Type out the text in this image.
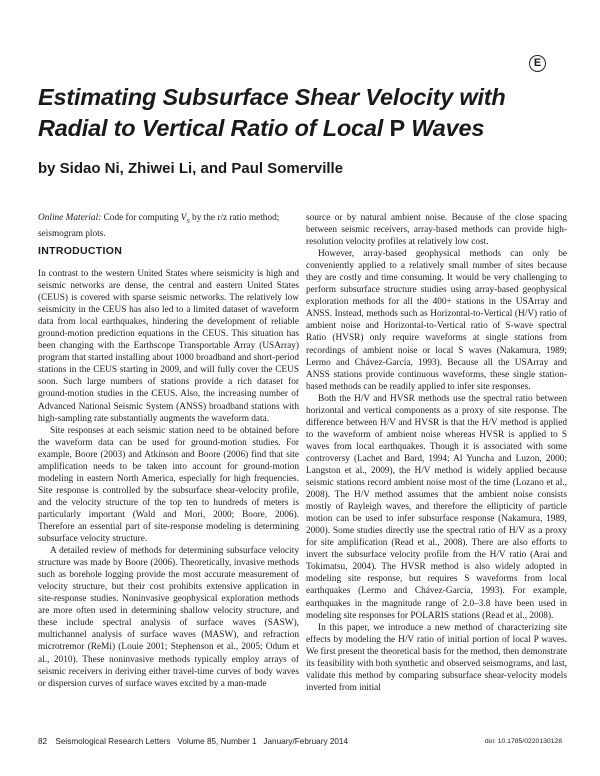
E
Estimating Subsurface Shear Velocity with
Radial to Vertical Ratio of Local P Waves
by Sidao Ni, Zhiwei Li, and Paul Somerville
Online Material: Code for computing $V_S$ by the r/z ratio method; seismogram plots.
INTRODUCTION

In contrast to the western United States where seismicity is high and seismic networks are dense, the central and eastern United States (CEUS) is covered with sparse seismic networks. The relatively low seismicity in the CEUS has also led to a limited dataset of waveform data from local earthquakes, hindering the development of reliable ground-motion prediction equations in the CEUS. This situation has been changing with the Earthscope Transportable Array (USArray) program that started installing about 1000 broadband and short-period stations in the CEUS starting in 2009, and will fully cover the CEUS soon. Such large numbers of stations provide a rich dataset for ground-motion studies in the CEUS. Also, the increasing number of Advanced National Seismic System (ANSS) broadband stations with high-sampling rate substantially augments the waveform data.

Site responses at each seismic station need to be obtained before the waveform data can be used for ground-motion studies. For example, Boore (2003) and Atkinson and Boore (2006) find that site amplification needs to be taken into account for ground-motion modeling in eastern North America, especially for high frequencies. Site response is controlled by the subsurface shear-velocity profile, and the velocity structure of the top ten to hundreds of meters is particularly important (Wald and Mori, 2000; Boore, 2006). Therefore an essential part of site-response modeling is determining subsurface velocity structure.

A detailed review of methods for determining subsurface velocity structure was made by Boore (2006). Theoretically, invasive methods such as borehole logging provide the most accurate measurement of velocity structure, but their cost prohibits extensive application in site-response studies. Noninvasive geophysical exploration methods are more often used in determining shallow velocity structure, and these include spectral analysis of surface waves (SASW), multichannel analysis of surface waves (MASW), and refraction microtremor (ReMi) (Louie 2001; Stephenson et al., 2005; Odum et al., 2010). These noninvasive methods typically employ arrays of seismic receivers in deriving either travel-time curves of body waves or dispersion curves of surface waves excited by a man-made

source or by natural ambient noise. Because of the close spacing between seismic receivers, array-based methods can provide high-resolution velocity profiles at relatively low cost.

However, array-based geophysical methods can only be conveniently applied to a relatively small number of sites because they are costly and time consuming. It would be very challenging to perform subsurface structure studies using array-based geophysical exploration methods for all the 400+ stations in the USArray and ANSS. Instead, methods such as Horizontal-to-Vertical (H/V) ratio of ambient noise and Horizontal-to-Vertical ratio of S-wave spectral Ratio (HVSR) only require waveforms at single stations from recordings of ambient noise or local S waves (Nakamura, 1989; Lermo and Chávez-García, 1993). Because all the USArray and ANSS stations provide continuous waveforms, these single station-based methods can be readily applied to infer site responses.

Both the H/V and HVSR methods use the spectral ratio between horizontal and vertical components as a proxy of site response. The difference between H/V and HVSR is that the H/V method is applied to the waveform of ambient noise whereas HVSR is applied to S waves from local earthquakes. Though it is associated with some controversy (Lachet and Bard, 1994; Al Yuncha and Luzon, 2000; Langston et al., 2009), the H/V method is widely applied because seismic stations record ambient noise most of the time (Lozano et al., 2008). The H/V method assumes that the ambient noise consists mostly of Rayleigh waves, and therefore the ellipticity of particle motion can be used to infer subsurface response (Nakamura, 1989, 2000). Some studies directly use the spectral ratio of H/V as a proxy for site amplification (Read et al., 2008). There are also efforts to invert the subsurface velocity profile from the H/V ratio (Arai and Tokimatsu, 2004). The HVSR method is also widely adopted in modeling site response, but requires S waveforms from local earthquakes (Lermo and Chávez-García, 1993). For example, earthquakes in the magnitude range of 2.0–3.8 have been used in modeling site responses for POLARIS stations (Read et al., 2008).

In this paper, we introduce a new method of characterizing site effects by modeling the H/V ratio of initial portion of local P waves. We first present the theoretical basis for the method, then demonstrate its feasibility with both synthetic and observed seismograms, and last, validate this method by comparing subsurface shear-velocity models inverted from initial

82 Seismological Research Letters Volume 85, Number 1 January/February 2014	doi: 10.1785/0220130128
